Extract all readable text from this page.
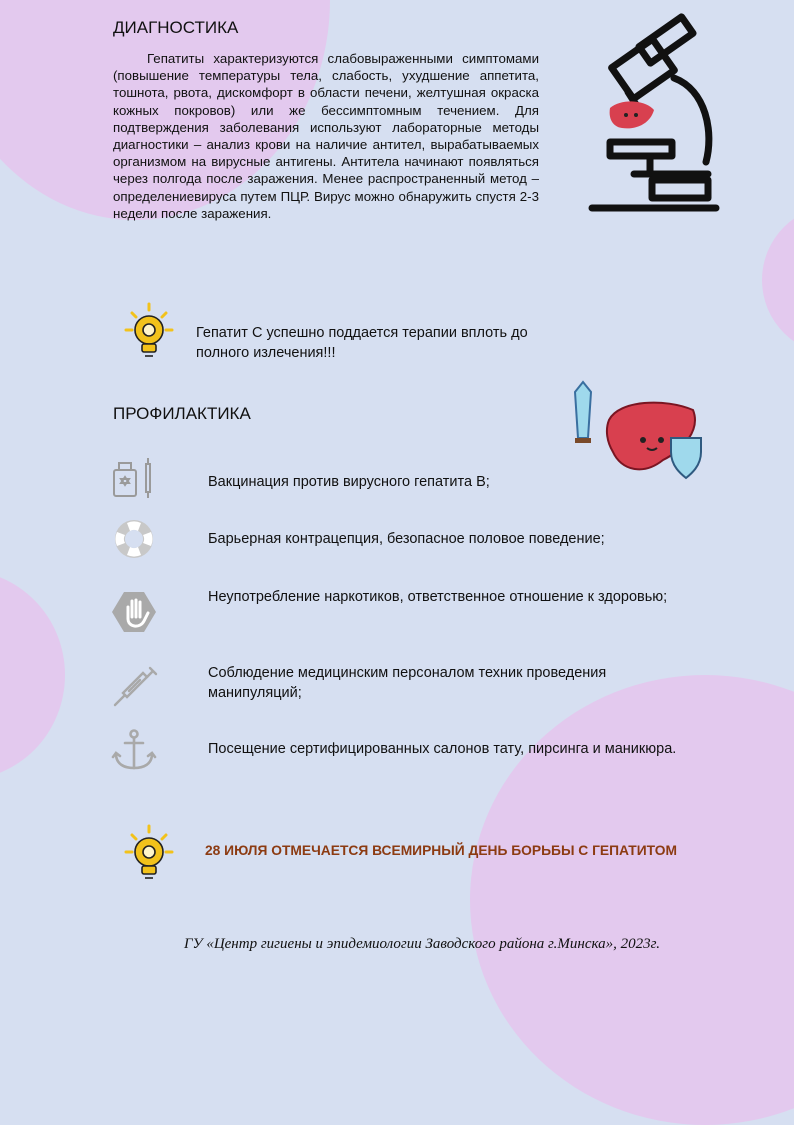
ДИАГНОСТИКА
Гепатиты характеризуются слабовыраженными симптомами (повышение температуры тела, слабость, ухудшение аппетита, тошнота, рвота, дискомфорт в области печени, желтушная окраска кожных покровов) или же бессимптомным течением. Для подтверждения заболевания используют лабораторные методы диагностики – анализ крови на наличие антител, вырабатываемых организмом на вирусные антигены. Антитела начинают появляться через полгода после заражения. Менее распространенный метод – определениевируса путем ПЦР. Вирус можно обнаружить спустя 2-3 недели после заражения.
Гепатит С успешно поддается терапии вплоть до полного излечения!!!
ПРОФИЛАКТИКА
Вакцинация против вирусного гепатита В;
Барьерная контрацепция, безопасное половое поведение;
Неупотребление наркотиков, ответственное отношение к здоровью;
Соблюдение медицинским персоналом техник проведения манипуляций;
Посещение сертифицированных салонов тату, пирсинга и маникюра.
28 ИЮЛЯ ОТМЕЧАЕТСЯ ВСЕМИРНЫЙ ДЕНЬ БОРЬБЫ С ГЕПАТИТОМ
ГУ «Центр гигиены и эпидемиологии Заводского района г.Минска», 2023г.
